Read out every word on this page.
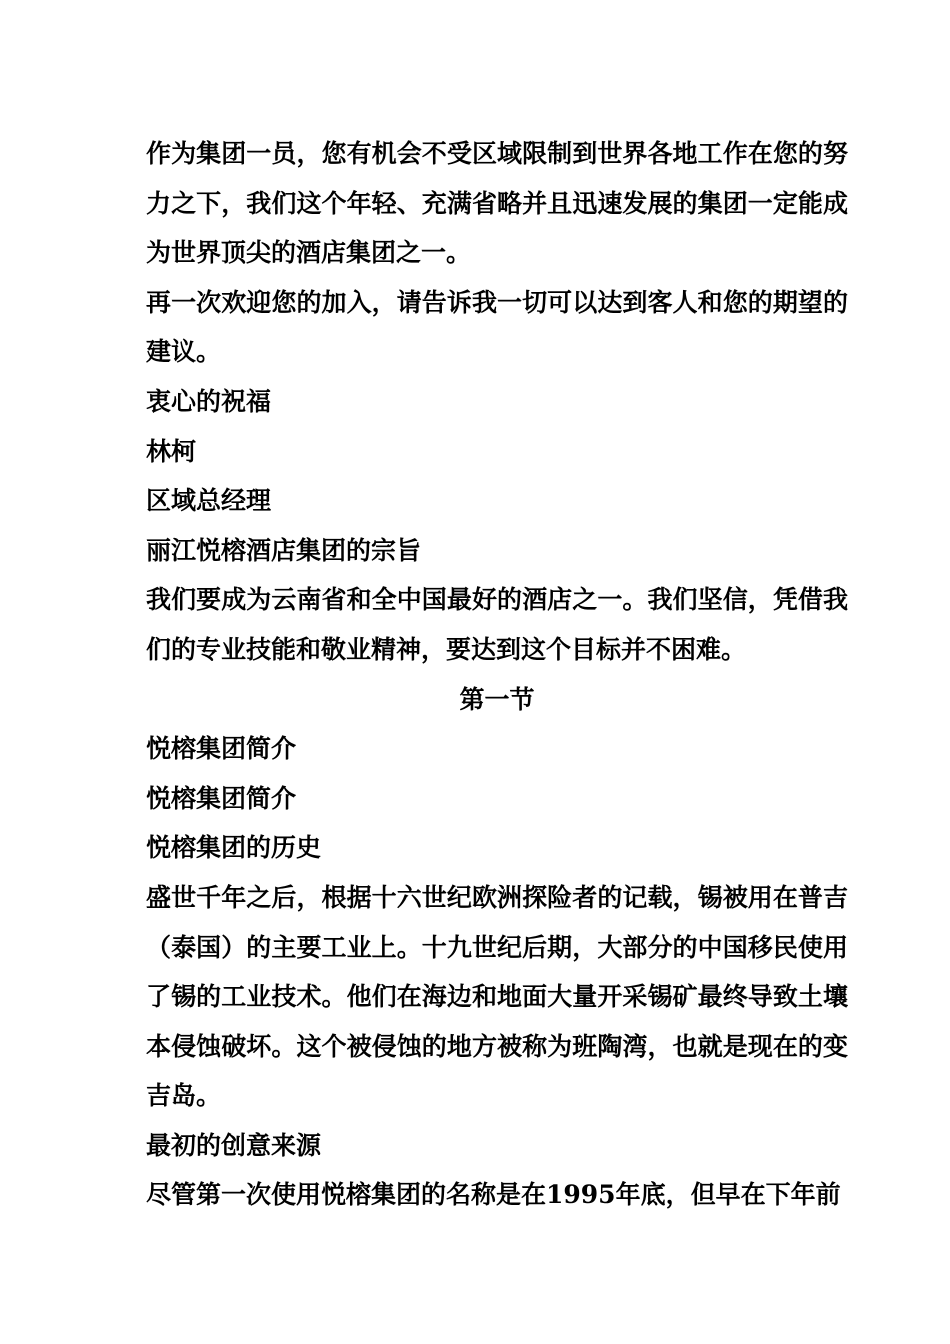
作为集团一员，您有机会不受区域限制到世界各地工作在您的努力之下，我们这个年轻、充满省略并且迅速发展的集团一定能成为世界顶尖的酒店集团之一。

再一次欢迎您的加入，请告诉我一切可以达到客人和您的期望的建议。

衷心的祝福

林柯

区域总经理

丽江悦榕酒店集团的宗旨

我们要成为云南省和全中国最好的酒店之一。我们坚信，凭借我们的专业技能和敬业精神，要达到这个目标并不困难。

第一节

悦榕集团简介

悦榕集团简介

悦榕集团的历史

盛世千年之后，根据十六世纪欧洲探险者的记载，锡被用在普吉（泰国）的主要工业上。十九世纪后期，大部分的中国移民使用了锡的工业技术。他们在海边和地面大量开采锡矿最终导致土壤本侵蚀破坏。这个被侵蚀的地方被称为班陶湾，也就是现在的变吉岛。

最初的创意来源

尽管第一次使用悦榕集团的名称是在1995年底，但早在下年前
